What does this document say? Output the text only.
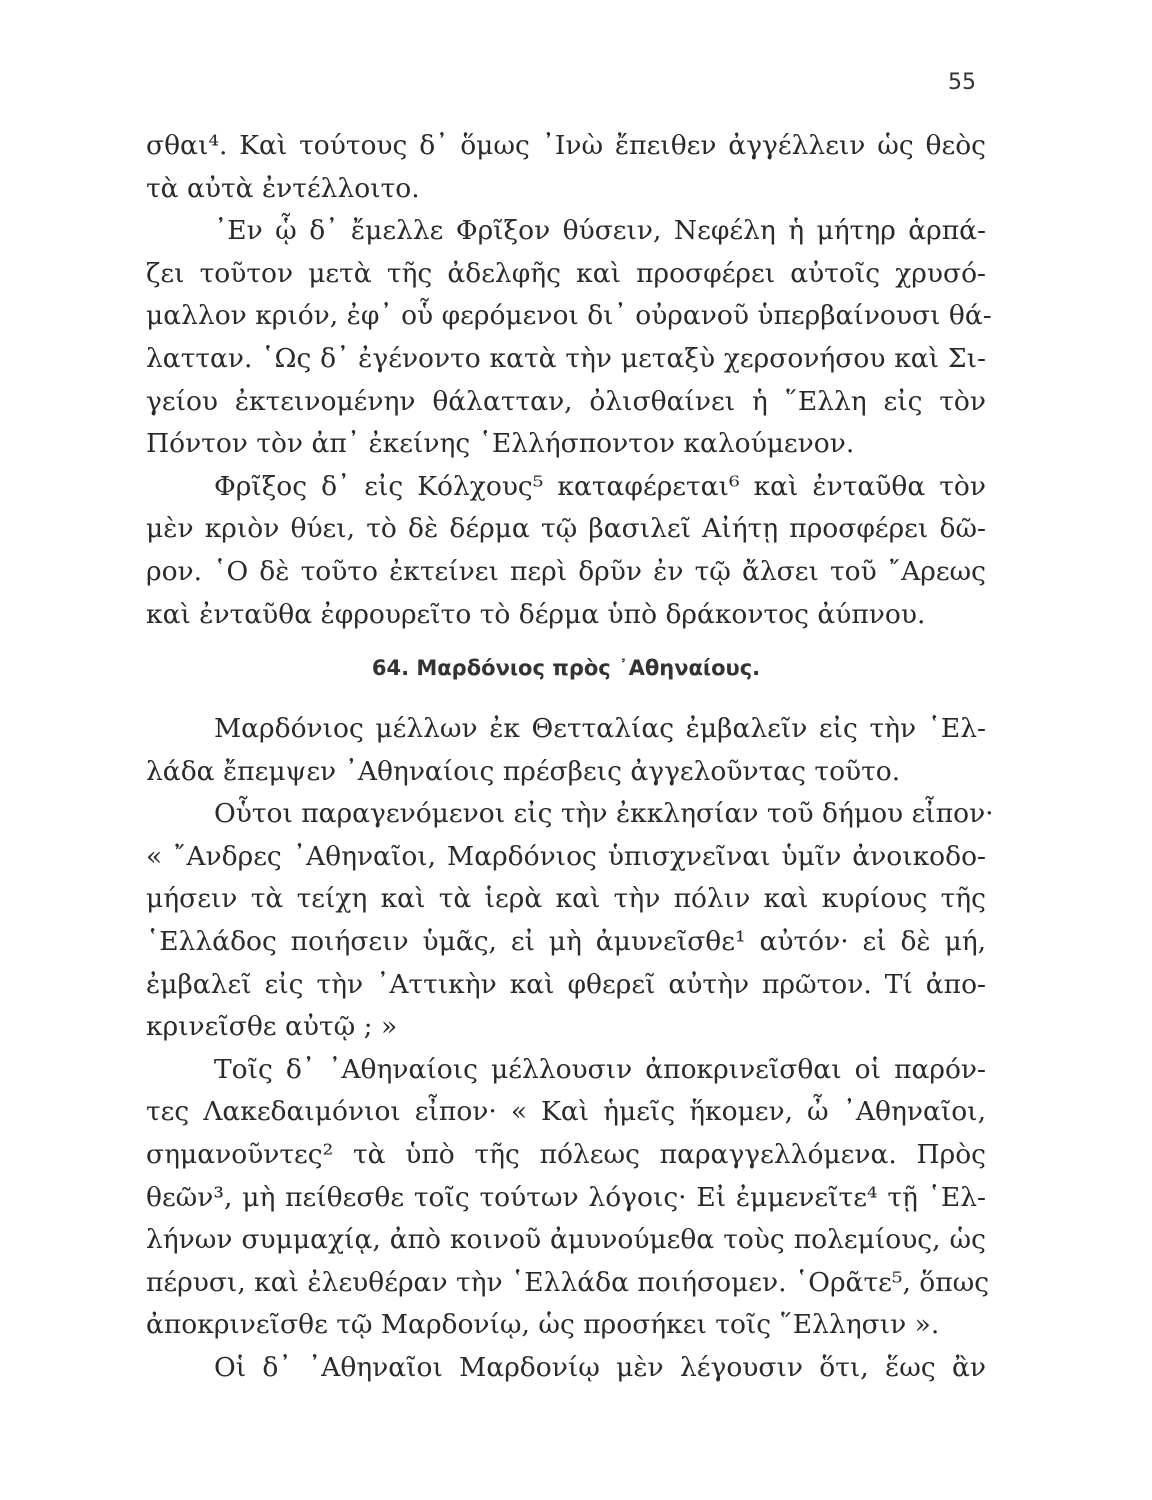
55
σθαι⁴. Καὶ τούτους δ᾿ ὅμως ᾿Ινὼ ἔπειθεν ἀγγέλλειν ὡς θεὸς
τὰ αὐτὰ ἐντέλλοιτο.
᾿Εν ᾧ δ᾿ ἔμελλε Φρῖξον θύσειν, Νεφέλη ἡ μήτηρ ἁρπά-
ζει τοῦτον μετὰ τῆς ἀδελφῆς καὶ προσφέρει αὐτοῖς χρυσό-
μαλλον κριόν, ἐφ᾿ οὗ φερόμενοι δι᾿ οὐρανοῦ ὑπερβαίνουσι θά-
λατταν. ῾Ως δ᾿ ἐγένοντο κατὰ τὴν μεταξὺ χερσονήσου καὶ Σι-
γείου ἐκτεινομένην θάλατταν, ὀλισθαίνει ἡ ῞Ελλη εἰς τὸν
Πόντον τὸν ἀπ᾿ ἐκείνης ῾Ελλήσποντον καλούμενον.
Φρῖξος δ᾿ εἰς Κόλχους⁵ καταφέρεται⁶ καὶ ἐνταῦθα τὸν
μὲν κριὸν θύει, τὸ δὲ δέρμα τῷ βασιλεῖ Αἰήτῃ προσφέρει δῶ-
ρον. ῾Ο δὲ τοῦτο ἐκτείνει περὶ δρῦν ἐν τῷ ἄλσει τοῦ ῎Αρεως
καὶ ἐνταῦθα ἐφρουρεῖτο τὸ δέρμα ὑπὸ δράκοντος ἀύπνου.
64. Μαρδόνιος πρὸς ᾿Αθηναίους.
Μαρδόνιος μέλλων ἐκ Θετταλίας ἐμβαλεῖν εἰς τὴν ῾Ελ-
λάδα ἔπεμψεν ᾿Αθηναίοις πρέσβεις ἀγγελοῦντας τοῦτο.
Οὗτοι παραγενόμενοι εἰς τὴν ἐκκλησίαν τοῦ δήμου εἶπον·
« ῎Ανδρες ᾿Αθηναῖοι, Μαρδόνιος ὑπισχνεῖναι ὑμῖν ἀνοικοδο-
μήσειν τὰ τείχη καὶ τὰ ἱερὰ καὶ τὴν πόλιν καὶ κυρίους τῆς
῾Ελλάδος ποιήσειν ὑμᾶς, εἰ μὴ ἀμυνεῖσθε¹ αὐτόν· εἰ δὲ μή,
ἐμβαλεῖ εἰς τὴν ᾿Αττικὴν καὶ φθερεῖ αὐτὴν πρῶτον. Τί ἀπο-
κρινεῖσθε αὐτῷ ; »
Τοῖς δ᾿ ᾿Αθηναίοις μέλλουσιν ἀποκρινεῖσθαι οἱ παρόν-
τες Λακεδαιμόνιοι εἶπον· « Καὶ ἡμεῖς ἥκομεν, ὦ ᾿Αθηναῖοι,
σημανοῦντες² τὰ ὑπὸ τῆς πόλεως παραγγελλόμενα. Πρὸς
θεῶν³, μὴ πείθεσθε τοῖς τούτων λόγοις· Εἰ ἐμμενεῖτε⁴ τῇ ῾Ελ-
λήνων συμμαχίᾳ, ἀπὸ κοινοῦ ἀμυνούμεθα τοὺς πολεμίους, ὡς
πέρυσι, καὶ ἐλευθέραν τὴν ῾Ελλάδα ποιήσομεν. ῾Ορᾶτε⁵, ὅπως
ἀποκρινεῖσθε τῷ Μαρδονίῳ, ὡς προσήκει τοῖς ῞Ελλησιν ».
Οἱ δ᾿ ᾿Αθηναῖοι Μαρδονίῳ μὲν λέγουσιν ὅτι, ἕως ἂν
